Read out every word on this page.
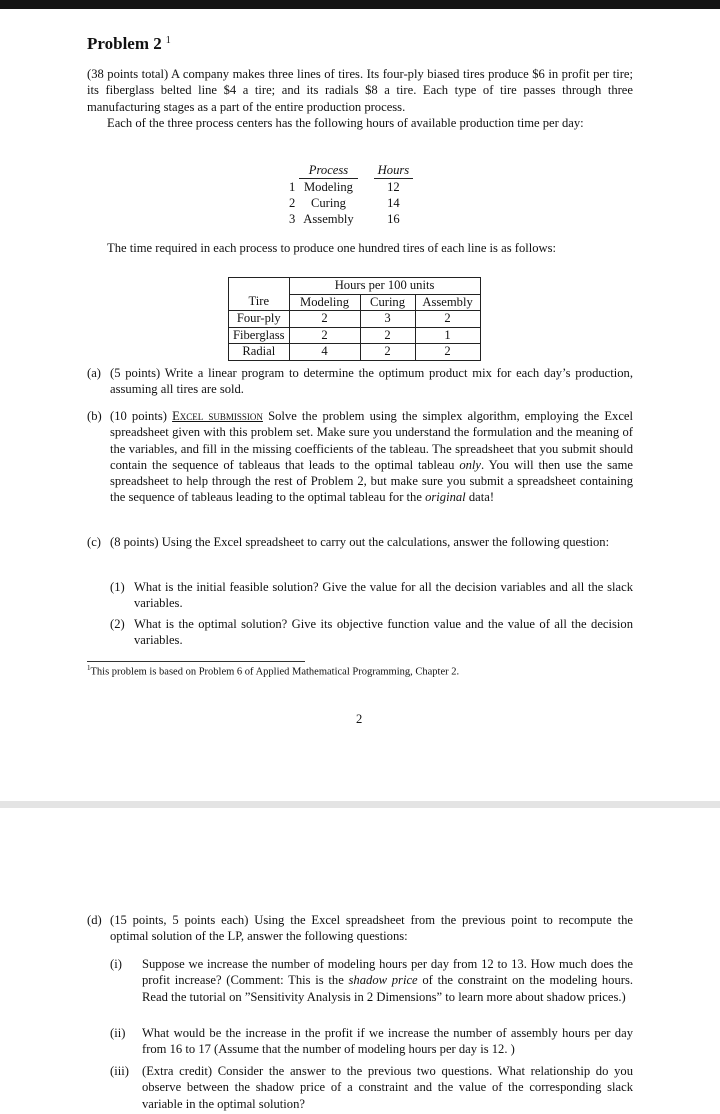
Problem 2 $^1$

(38 points total) A company makes three lines of tires. Its four-ply biased tires produce $6 in profit per tire; its fiberglass belted line $4 a tire; and its radials $8 a tire. Each type of tire passes through three manufacturing stages as a part of the entire production process.

Each of the three process centers has the following hours of available production time per day:

	Process		Hours
1	Modeling		12
2	Curing		14
3	Assembly		16
The time required in each process to produce one hundred tires of each line is as follows:
	Hours per 100 units		
Tire	Modeling	Curing	Assembly
Four-ply	2	3	2
Fiberglass	2	2	1
Radial	4	2	2
(a) (5 points) Write a linear program to determine the optimum product mix for each day’s production, assuming all tires are sold.
(b) (10 points) Excel submission Solve the problem using the simplex algorithm, employing the Excel spreadsheet given with this problem set. Make sure you understand the formulation and the meaning of the variables, and fill in the missing coefficients of the tableau. The spreadsheet that you submit should contain the sequence of tableaus that leads to the optimal tableau only. You will then use the same spreadsheet to help through the rest of Problem 2, but make sure you submit a spreadsheet containing the sequence of tableaus leading to the optimal tableau for the original data!
(c) (8 points) Using the Excel spreadsheet to carry out the calculations, answer the following question:
(1) What is the initial feasible solution? Give the value for all the decision variables and all the slack variables.
(2) What is the optimal solution? Give its objective function value and the value of all the decision variables.
$^1$This problem is based on Problem 6 of Applied Mathematical Programming, Chapter 2.
2
(d) (15 points, 5 points each) Using the Excel spreadsheet from the previous point to recompute the optimal solution of the LP, answer the following questions:
(i) Suppose we increase the number of modeling hours per day from 12 to 13. How much does the profit increase? (Comment: This is the shadow price of the constraint on the modeling hours. Read the tutorial on ”Sensitivity Analysis in 2 Dimensions” to learn more about shadow prices.)
(ii) What would be the increase in the profit if we increase the number of assembly hours per day from 16 to 17 (Assume that the number of modeling hours per day is 12. )
(iii) (Extra credit) Consider the answer to the previous two questions. What relationship do you observe between the shadow price of a constraint and the value of the corresponding slack variable in the optimal solution?
